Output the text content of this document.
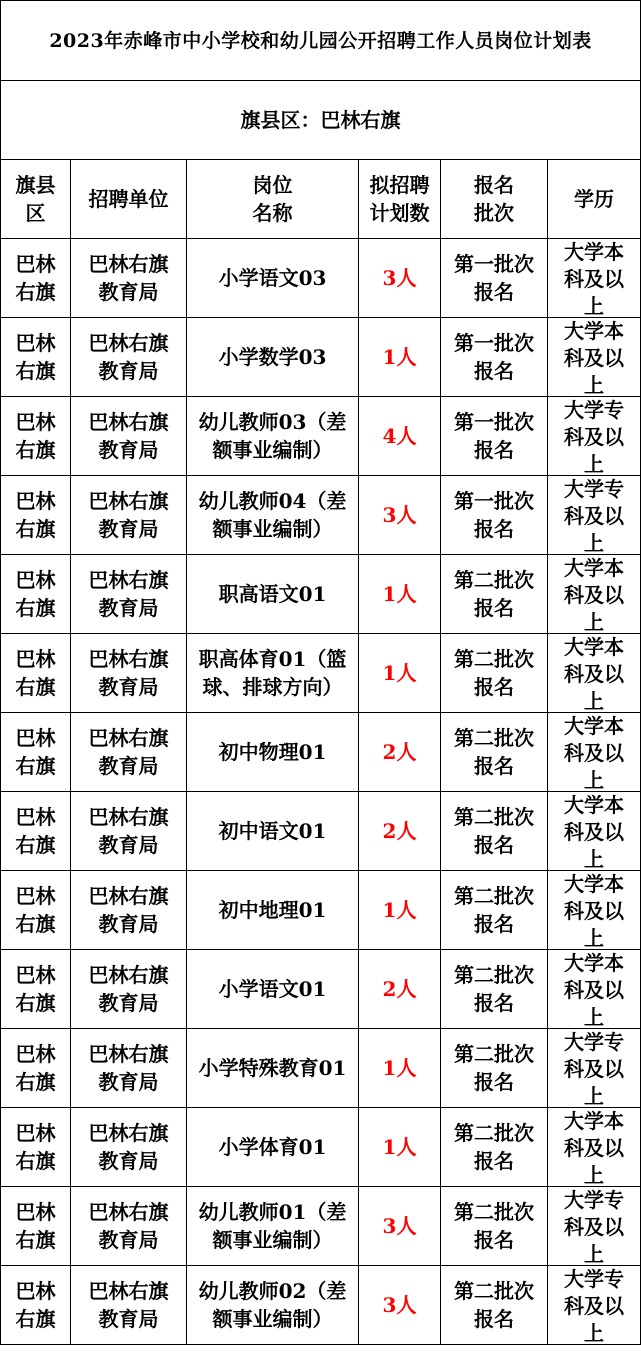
2023年赤峰市中小学校和幼儿园公开招聘工作人员岗位计划表					
旗县区：巴林右旗					

旗县区	招聘单位	岗位名称	拟招聘计划数	报名批次	学历

巴林右旗	巴林右旗教育局	小学语文03	3人	第一批次报名	大学本科及以上

巴林右旗	巴林右旗教育局	小学数学03	1人	第一批次报名	大学本科及以上

巴林右旗	巴林右旗教育局	幼儿教师03（差额事业编制）	4人	第一批次报名	大学专科及以上

巴林右旗	巴林右旗教育局	幼儿教师04（差额事业编制）	3人	第一批次报名	大学专科及以上

巴林右旗	巴林右旗教育局	职高语文01	1人	第二批次报名	大学本科及以上

巴林右旗	巴林右旗教育局	职高体育01（篮球、排球方向）	1人	第二批次报名	大学本科及以上

巴林右旗	巴林右旗教育局	初中物理01	2人	第二批次报名	大学本科及以上

巴林右旗	巴林右旗教育局	初中语文01	2人	第二批次报名	大学本科及以上

巴林右旗	巴林右旗教育局	初中地理01	1人	第二批次报名	大学本科及以上

巴林右旗	巴林右旗教育局	小学语文01	2人	第二批次报名	大学本科及以上

巴林右旗	巴林右旗教育局	小学特殊教育01	1人	第二批次报名	大学专科及以上

巴林右旗	巴林右旗教育局	小学体育01	1人	第二批次报名	大学本科及以上

巴林右旗	巴林右旗教育局	幼儿教师01（差额事业编制）	3人	第二批次报名	大学专科及以上

巴林右旗	巴林右旗教育局	幼儿教师02（差额事业编制）	3人	第二批次报名	大学专科及以上
